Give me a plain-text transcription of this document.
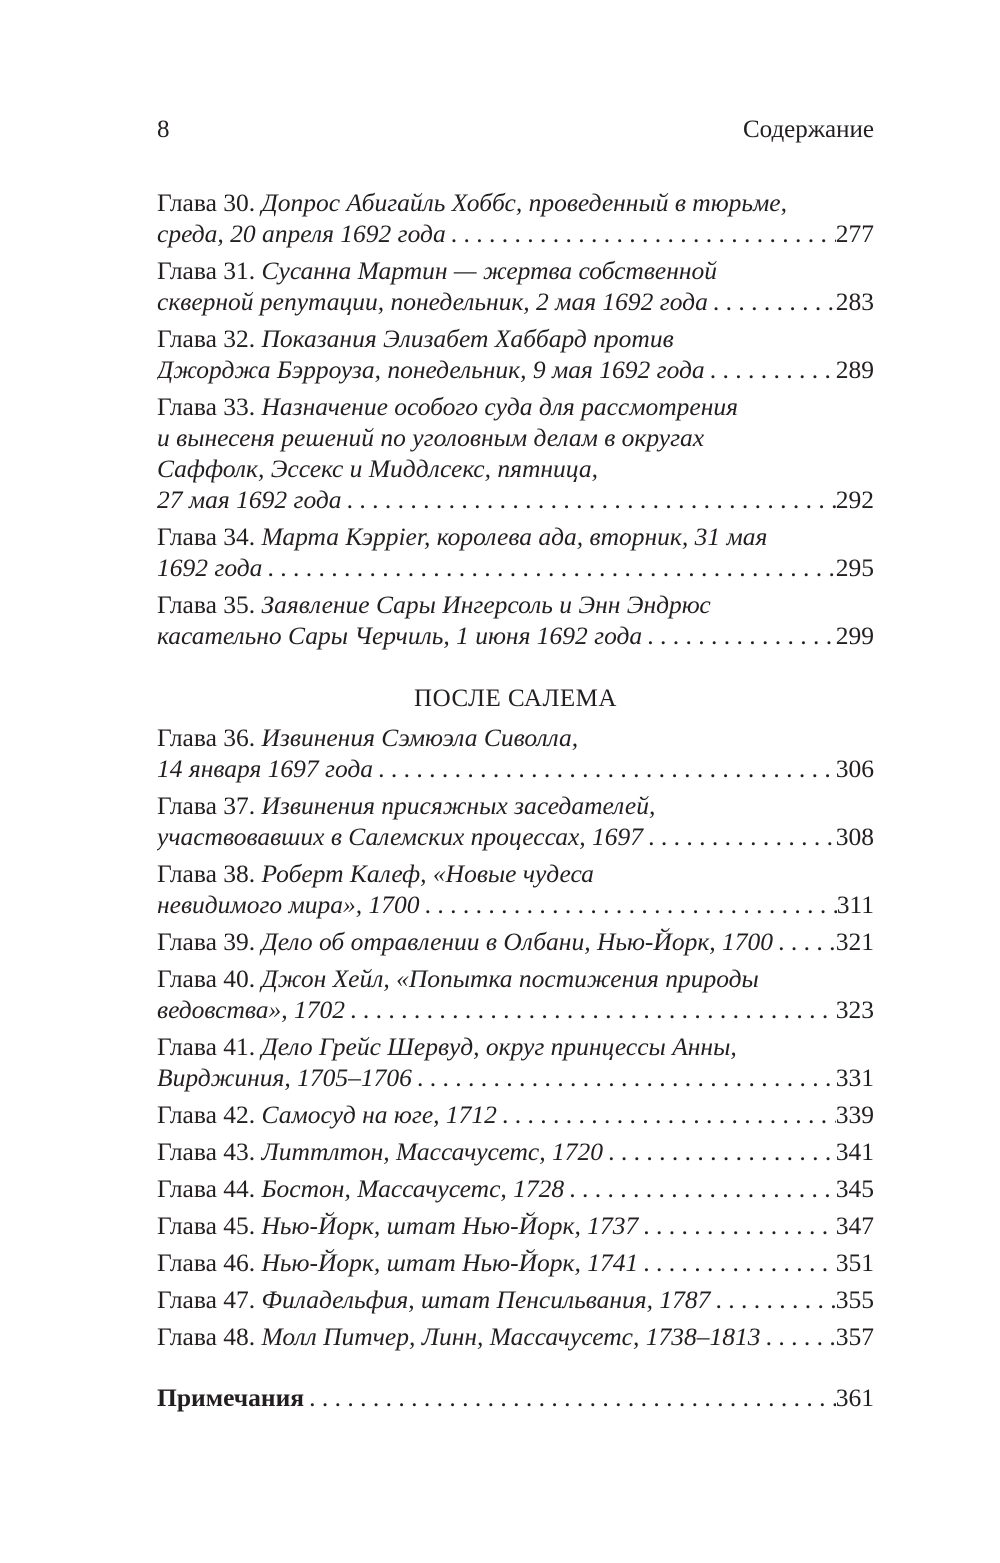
8	Содержание
Глава 30. Допрос Абигайль Хоббс, проведенный в тюрьме,
среда, 20 апреля 1692 года . . .	277
Глава 31. Сусанна Мартин — жертва собственной
скверной репутации, понедельник, 2 мая 1692 года . . .	283
Глава 32. Показания Элизабет Хаббард против
Джорджа Бэрроуза, понедельник, 9 мая 1692 года . . .	289
Глава 33. Назначение особого суда для рассмотрения
и вынесеня решений по уголовным делам в округах
Саффолк, Эссекс и Миддлсекс, пятница,
27 мая 1692 года . . .	292
Глава 34. Марта Кэррier, королева ада, вторник, 31 мая
1692 года . . .	295
Глава 35. Заявление Сары Ингерсоль и Энн Эндрюс
касательно Сары Черчиль, 1 июня 1692 года . . .	299
ПОСЛЕ САЛЕМА
Глава 36. Извинения Сэмюэла Сиволла,
14 января 1697 года . . .	306
Глава 37. Извинения присяжных заседателей,
участвовавших в Салемских процессах, 1697 . . .	308
Глава 38. Роберт Калеф, «Новые чудеса
невидимого мира», 1700 . . .	311
Глава 39. Дело об отравлении в Олбани, Нью-Йорк, 1700 . . . 321
Глава 40. Джон Хейл, «Попытка постижения природы
ведовства», 1702 . . .	323
Глава 41. Дело Грейс Шервуд, округ принцессы Анны,
Вирджиния, 1705–1706 . . .	331
Глава 42. Самосуд на юге, 1712 . . .	339
Глава 43. Литтлтон, Массачусетс, 1720 . . .	341
Глава 44. Бостон, Массачусетс, 1728 . . .	345
Глава 45. Нью-Йорк, штат Нью-Йорк, 1737 . . .	347
Глава 46. Нью-Йорк, штат Нью-Йорк, 1741 . . .	351
Глава 47. Филадельфия, штат Пенсильвания, 1787 . . .	355
Глава 48. Молл Питчер, Линн, Массачусетс, 1738–1813 . . .	357
Примечания . . .	361
